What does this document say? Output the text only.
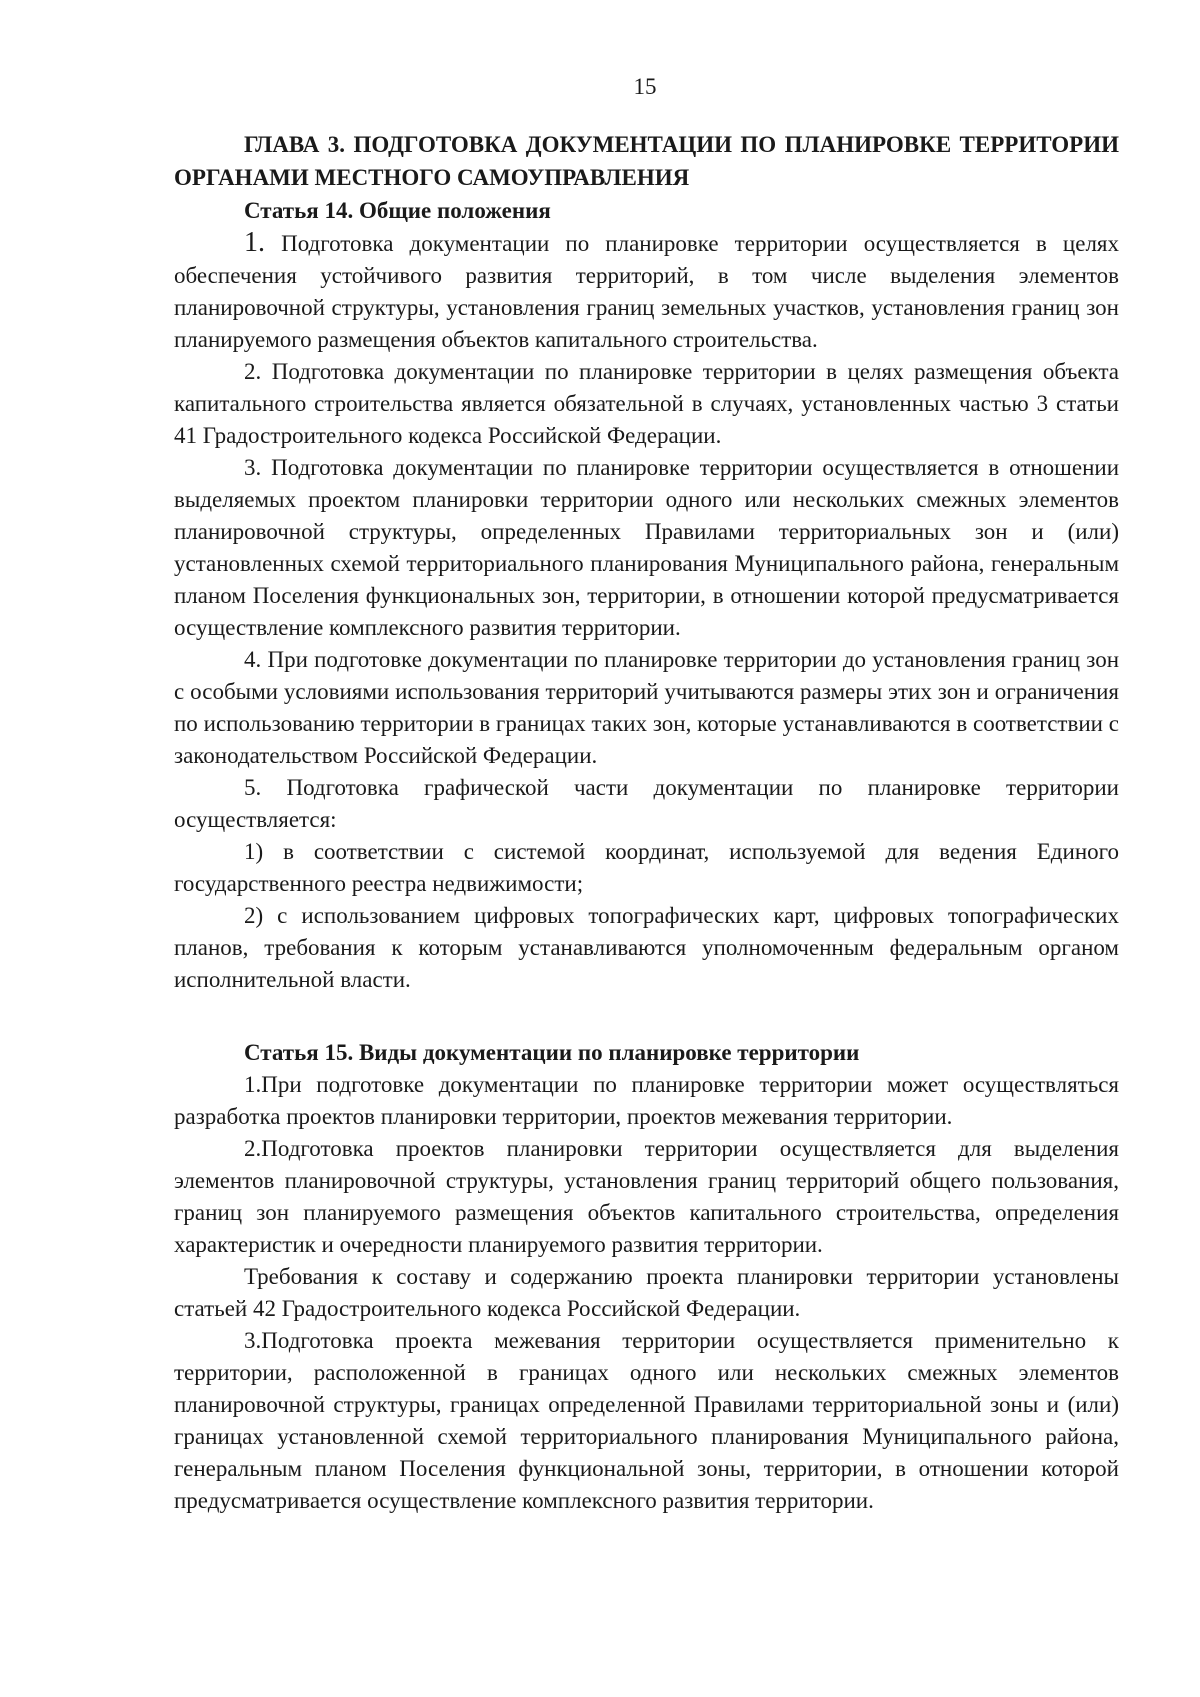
15

ГЛАВА 3. ПОДГОТОВКА ДОКУМЕНТАЦИИ ПО ПЛАНИРОВКЕ ТЕРРИТОРИИ ОРГАНАМИ МЕСТНОГО САМОУПРАВЛЕНИЯ

Статья 14. Общие положения

1. Подготовка документации по планировке территории осуществляется в целях обеспечения устойчивого развития территорий, в том числе выделения элементов планировочной структуры, установления границ земельных участков, установления границ зон планируемого размещения объектов капитального строительства.

2. Подготовка документации по планировке территории в целях размещения объекта капитального строительства является обязательной в случаях, установленных частью 3 статьи 41 Градостроительного кодекса Российской Федерации.

3. Подготовка документации по планировке территории осуществляется в отношении выделяемых проектом планировки территории одного или нескольких смежных элементов планировочной структуры, определенных Правилами территориальных зон и (или) установленных схемой территориального планирования Муниципального района, генеральным планом Поселения функциональных зон, территории, в отношении которой предусматривается осуществление комплексного развития территории.

4. При подготовке документации по планировке территории до установления границ зон с особыми условиями использования территорий учитываются размеры этих зон и ограничения по использованию территории в границах таких зон, которые устанавливаются в соответствии с законодательством Российской Федерации.

5. Подготовка графической части документации по планировке территории осуществляется:

1) в соответствии с системой координат, используемой для ведения Единого государственного реестра недвижимости;

2) с использованием цифровых топографических карт, цифровых топографических планов, требования к которым устанавливаются уполномоченным федеральным органом исполнительной власти.

Статья 15. Виды документации по планировке территории

1.При подготовке документации по планировке территории может осуществляться разработка проектов планировки территории, проектов межевания территории.

2.Подготовка проектов планировки территории осуществляется для выделения элементов планировочной структуры, установления границ территорий общего пользования, границ зон планируемого размещения объектов капитального строительства, определения характеристик и очередности планируемого развития территории.

Требования к составу и содержанию проекта планировки территории установлены статьей 42 Градостроительного кодекса Российской Федерации.

3.Подготовка проекта межевания территории осуществляется применительно к территории, расположенной в границах одного или нескольких смежных элементов планировочной структуры, границах определенной Правилами территориальной зоны и (или) границах установленной схемой территориального планирования Муниципального района, генеральным планом Поселения функциональной зоны, территории, в отношении которой предусматривается осуществление комплексного развития территории.
